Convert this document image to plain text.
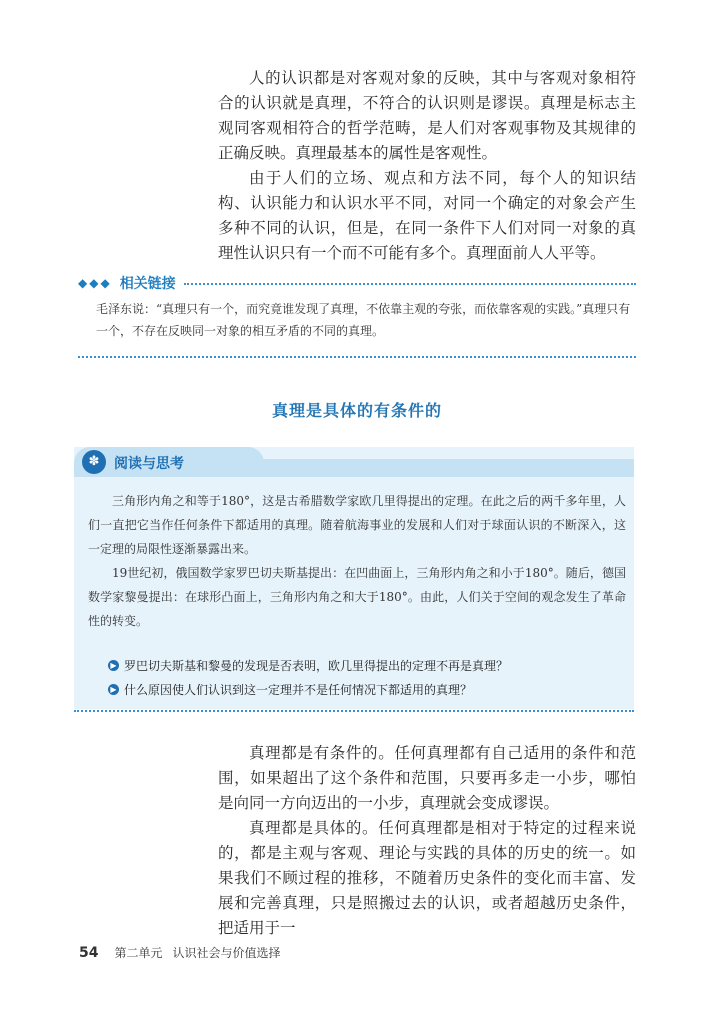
人的认识都是对客观对象的反映，其中与客观对象相符合的认识就是真理，不符合的认识则是谬误。真理是标志主观同客观相符合的哲学范畴，是人们对客观事物及其规律的正确反映。真理最基本的属性是客观性。

由于人们的立场、观点和方法不同，每个人的知识结构、认识能力和认识水平不同，对同一个确定的对象会产生多种不同的认识，但是，在同一条件下人们对同一对象的真理性认识只有一个而不可能有多个。真理面前人人平等。

◆◆◆ 相关链接
毛泽东说：“真理只有一个，而究竟谁发现了真理，不依靠主观的夸张，而依靠客观的实践。”真理只有一个，不存在反映同一对象的相互矛盾的不同的真理。
真理是具体的有条件的
✽	阅读与思考

三角形内角之和等于180°，这是古希腊数学家欧几里得提出的定理。在此之后的两千多年里，人们一直把它当作任何条件下都适用的真理。随着航海事业的发展和人们对于球面认识的不断深入，这一定理的局限性逐渐暴露出来。

19世纪初，俄国数学家罗巴切夫斯基提出：在凹曲面上，三角形内角之和小于180°。随后，德国数学家黎曼提出：在球形凸面上，三角形内角之和大于180°。由此，人们关于空间的观念发生了革命性的转变。

▶ 罗巴切夫斯基和黎曼的发现是否表明，欧几里得提出的定理不再是真理？
▶ 什么原因使人们认识到这一定理并不是任何情况下都适用的真理？

真理都是有条件的。任何真理都有自己适用的条件和范围，如果超出了这个条件和范围，只要再多走一小步，哪怕是向同一方向迈出的一小步，真理就会变成谬误。

真理都是具体的。任何真理都是相对于特定的过程来说的，都是主观与客观、理论与实践的具体的历史的统一。如果我们不顾过程的推移，不随着历史条件的变化而丰富、发展和完善真理，只是照搬过去的认识，或者超越历史条件，把适用于一

54 第二单元 认识社会与价值选择
